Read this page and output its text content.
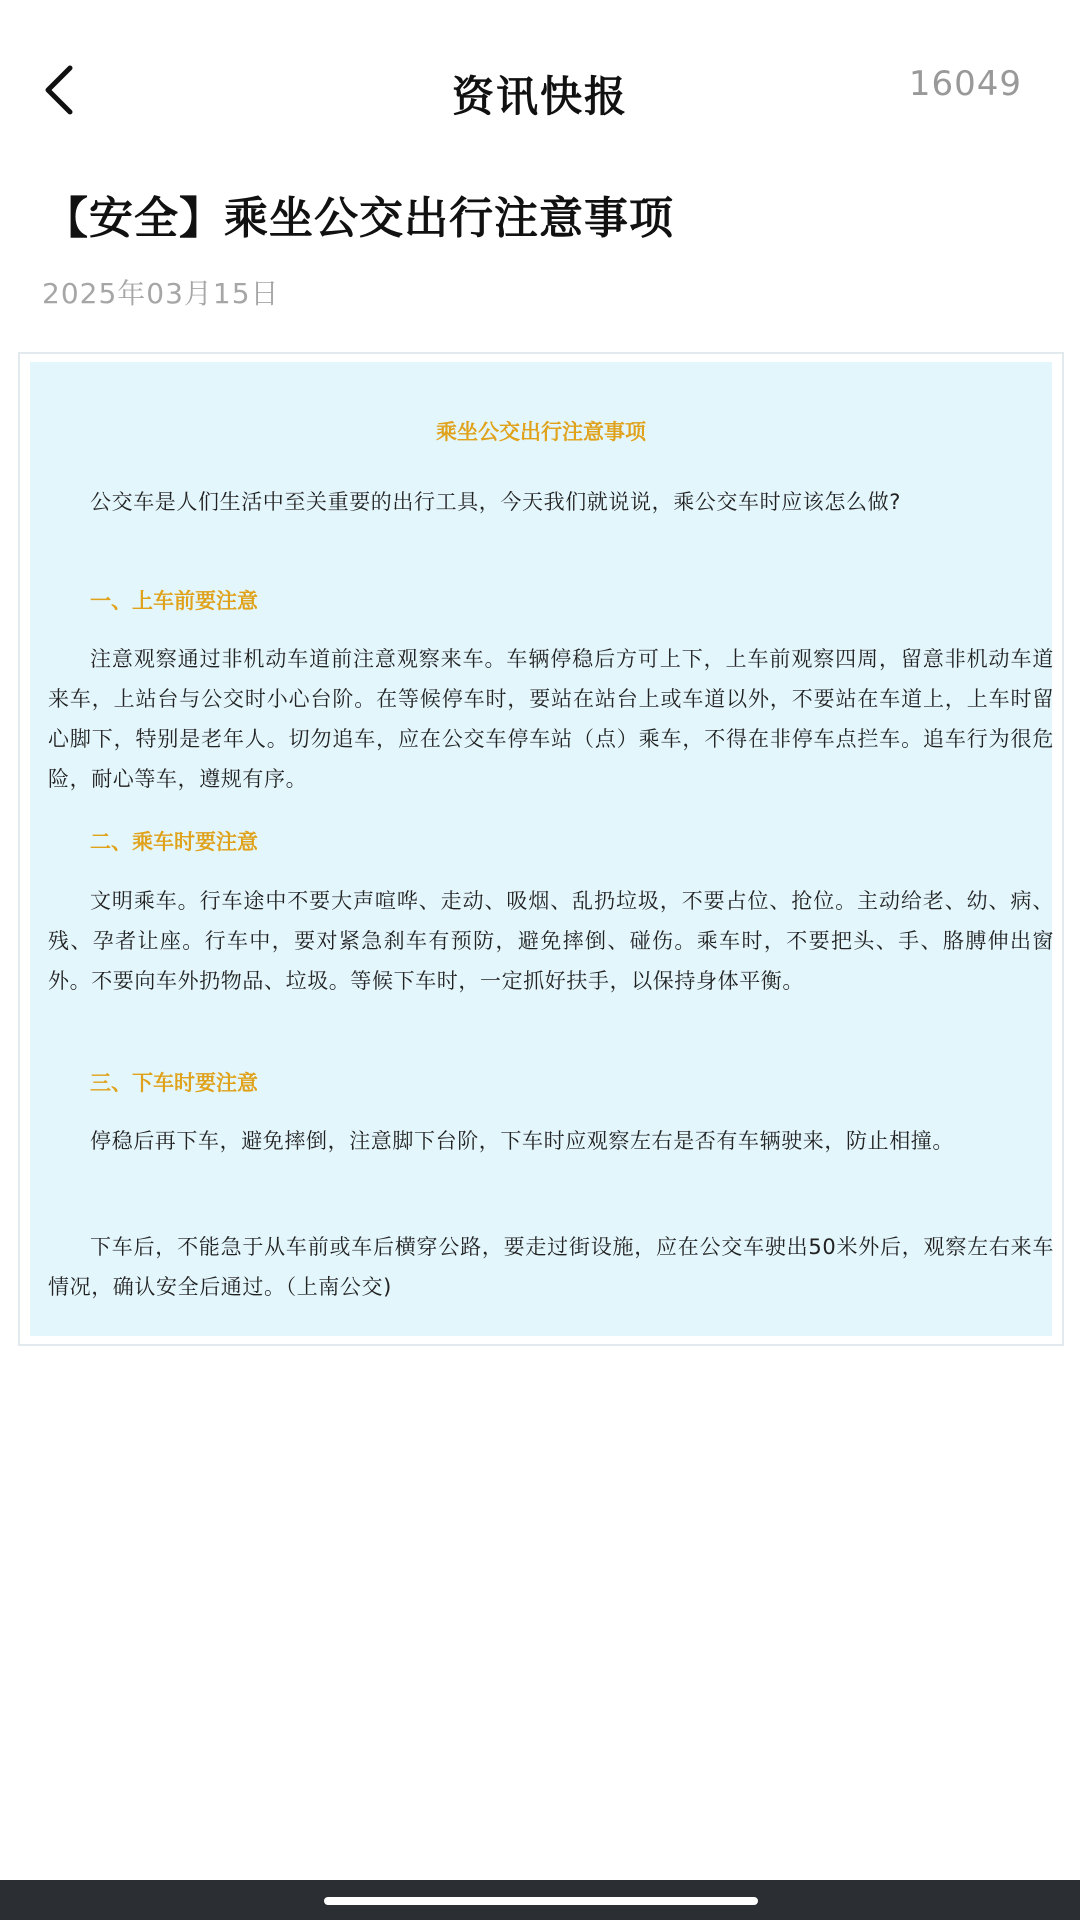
资讯快报	16049
【安全】乘坐公交出行注意事项
2025年03月15日
乘坐公交出行注意事项

公交车是人们生活中至关重要的出行工具，今天我们就说说，乘公交车时应该怎么做?

一、上车前要注意

注意观察通过非机动车道前注意观察来车。车辆停稳后方可上下，上车前观察四周，留意非机动车道来车，上站台与公交时小心台阶。在等候停车时，要站在站台上或车道以外，不要站在车道上，上车时留心脚下，特别是老年人。切勿追车，应在公交车停车站（点）乘车，不得在非停车点拦车。追车行为很危险，耐心等车，遵规有序。

二、乘车时要注意

文明乘车。行车途中不要大声喧哗、走动、吸烟、乱扔垃圾，不要占位、抢位。主动给老、幼、病、残、孕者让座。行车中，要对紧急刹车有预防，避免摔倒、碰伤。乘车时，不要把头、手、胳膊伸出窗外。不要向车外扔物品、垃圾。等候下车时，一定抓好扶手，以保持身体平衡。

三、下车时要注意

停稳后再下车，避免摔倒，注意脚下台阶，下车时应观察左右是否有车辆驶来，防止相撞。

下车后，不能急于从车前或车后横穿公路，要走过街设施，应在公交车驶出50米外后，观察左右来车情况，确认安全后通过。（上南公交)
